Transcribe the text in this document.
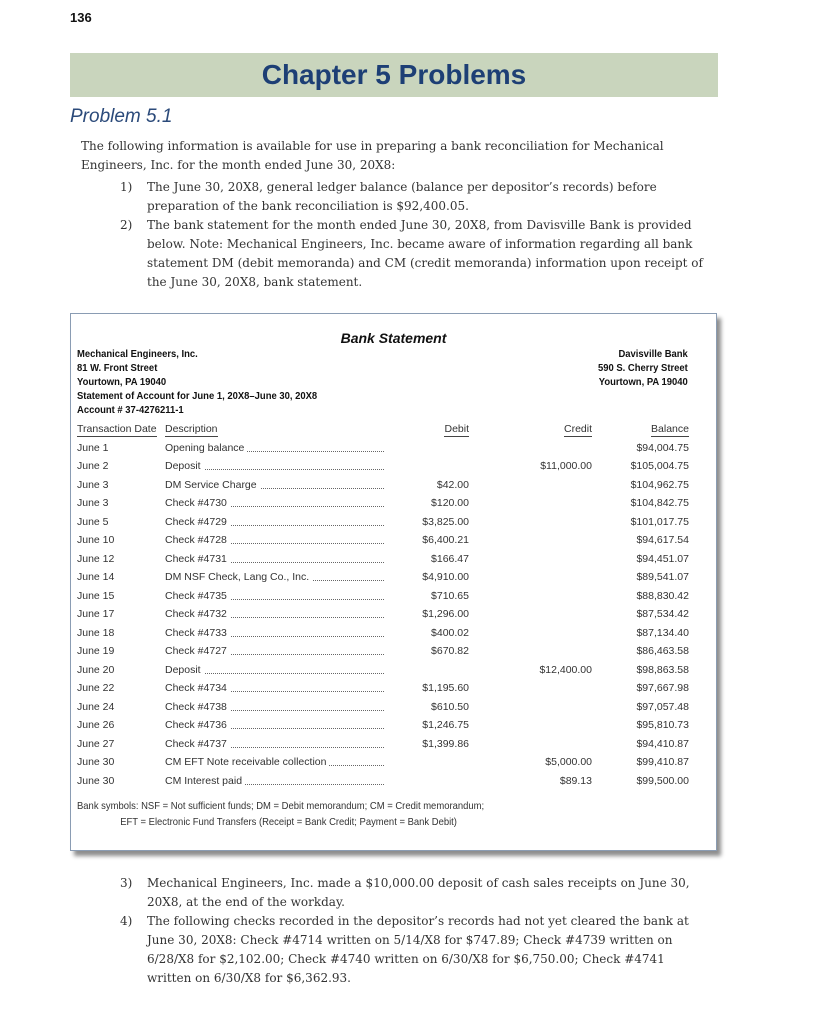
136
Chapter 5 Problems
Problem 5.1
The following information is available for use in preparing a bank reconciliation for Mechanical Engineers, Inc. for the month ended June 30, 20X8:
1) The June 30, 20X8, general ledger balance (balance per depositor’s records) before preparation of the bank reconciliation is $92,400.05.
2) The bank statement for the month ended June 30, 20X8, from Davisville Bank is provided below. Note: Mechanical Engineers, Inc. became aware of information regarding all bank statement DM (debit memoranda) and CM (credit memoranda) information upon receipt of the June 30, 20X8, bank statement.
Bank Statement
Mechanical Engineers, Inc.
81 W. Front Street
Yourtown, PA 19040
Statement of Account for June 1, 20X8–June 30, 20X8
Account # 37-4276211-1
Davisville Bank
590 S. Cherry Street
Yourtown, PA 19040
Transaction Date	Description	Debit	Credit	Balance
June 1	Opening balance			$94,004.75
June 2	Deposit		$11,000.00	$105,004.75
June 3	DM Service Charge	$42.00		$104,962.75
June 3	Check #4730	$120.00		$104,842.75
June 5	Check #4729	$3,825.00		$101,017.75
June 10	Check #4728	$6,400.21		$94,617.54
June 12	Check #4731	$166.47		$94,451.07
June 14	DM NSF Check, Lang Co., Inc.	$4,910.00		$89,541.07
June 15	Check #4735	$710.65		$88,830.42
June 17	Check #4732	$1,296.00		$87,534.42
June 18	Check #4733	$400.02		$87,134.40
June 19	Check #4727	$670.82		$86,463.58
June 20	Deposit		$12,400.00	$98,863.58
June 22	Check #4734	$1,195.60		$97,667.98
June 24	Check #4738	$610.50		$97,057.48
June 26	Check #4736	$1,246.75		$95,810.73
June 27	Check #4737	$1,399.86		$94,410.87
June 30	CM EFT Note receivable collection		$5,000.00	$99,410.87
June 30	CM Interest paid		$89.13	$99,500.00
Bank symbols: NSF = Not sufficient funds; DM = Debit memorandum; CM = Credit memorandum;
EFT = Electronic Fund Transfers (Receipt = Bank Credit; Payment = Bank Debit)
3) Mechanical Engineers, Inc. made a $10,000.00 deposit of cash sales receipts on June 30, 20X8, at the end of the workday.
4) The following checks recorded in the depositor’s records had not yet cleared the bank at June 30, 20X8: Check #4714 written on 5/14/X8 for $747.89; Check #4739 written on 6/28/X8 for $2,102.00; Check #4740 written on 6/30/X8 for $6,750.00; Check #4741 written on 6/30/X8 for $6,362.93.
